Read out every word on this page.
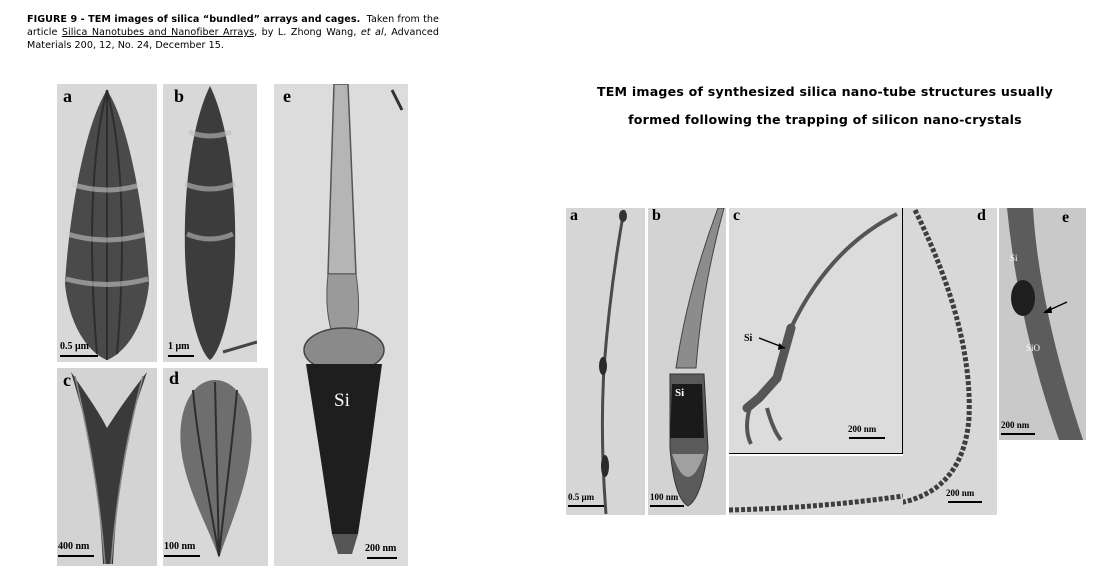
FIGURE 9 - TEM images of silica “bundled” arrays and cages. Taken from the article Silica Nanotubes and Nanofiber Arrays, by L. Zhong Wang, et al, Advanced Materials 200, 12, No. 24, December 15.
TEM images of synthesized silica nano-tube structures usually
formed following the trapping of silicon nano-crystals
a
0.5 μm
b
1 μm
c
400 nm
d
100 nm
e
Si
200 nm
a
0.5 μm
b
Si
100 nm
c
Si
200 nm
d
200 nm
e
Si
SiO
200 nm
